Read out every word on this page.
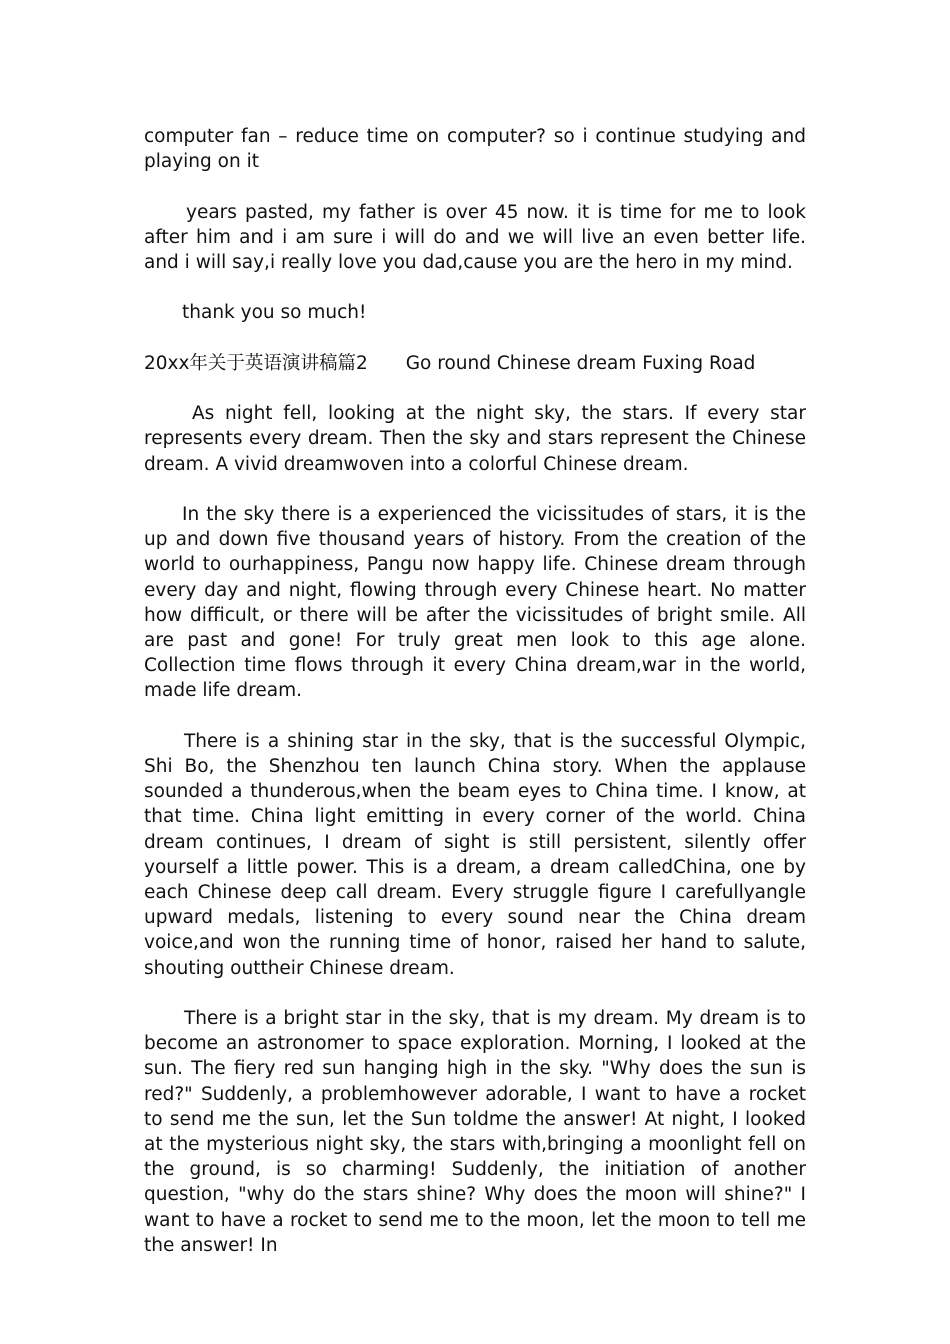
computer fan – reduce time on computer? so i continue studying and playing on it

years pasted, my father is over 45 now. it is time for me to look after him and i am sure i will do and we will live an even better life. and i will say,i really love you dad,cause you are the hero in my mind.

thank you so much!

20xx年关于英语演讲稿篇2 Go round Chinese dream Fuxing Road

As night fell, looking at the night sky, the stars. If every star represents every dream. Then the sky and stars represent the Chinese dream. A vivid dreamwoven into a colorful Chinese dream.

In the sky there is a experienced the vicissitudes of stars, it is the up and down five thousand years of history. From the creation of the world to ourhappiness, Pangu now happy life. Chinese dream through every day and night, flowing through every Chinese heart. No matter how difficult, or there will be after the vicissitudes of bright smile. All are past and gone! For truly great men look to this age alone. Collection time flows through it every China dream,war in the world, made life dream.

There is a shining star in the sky, that is the successful Olympic, Shi Bo, the Shenzhou ten launch China story. When the applause sounded a thunderous,when the beam eyes to China time. I know, at that time. China light emitting in every corner of the world. China dream continues, I dream of sight is still persistent, silently offer yourself a little power. This is a dream, a dream calledChina, one by each Chinese deep call dream. Every struggle figure I carefullyangle upward medals, listening to every sound near the China dream voice,and won the running time of honor, raised her hand to salute, shouting outtheir Chinese dream.

There is a bright star in the sky, that is my dream. My dream is to become an astronomer to space exploration. Morning, I looked at the sun. The fiery red sun hanging high in the sky. "Why does the sun is red?" Suddenly, a problemhowever adorable, I want to have a rocket to send me the sun, let the Sun toldme the answer! At night, I looked at the mysterious night sky, the stars with,bringing a moonlight fell on the ground, is so charming! Suddenly, the initiation of another question, "why do the stars shine? Why does the moon will shine?" I want to have a rocket to send me to the moon, let the moon to tell me the answer! In
